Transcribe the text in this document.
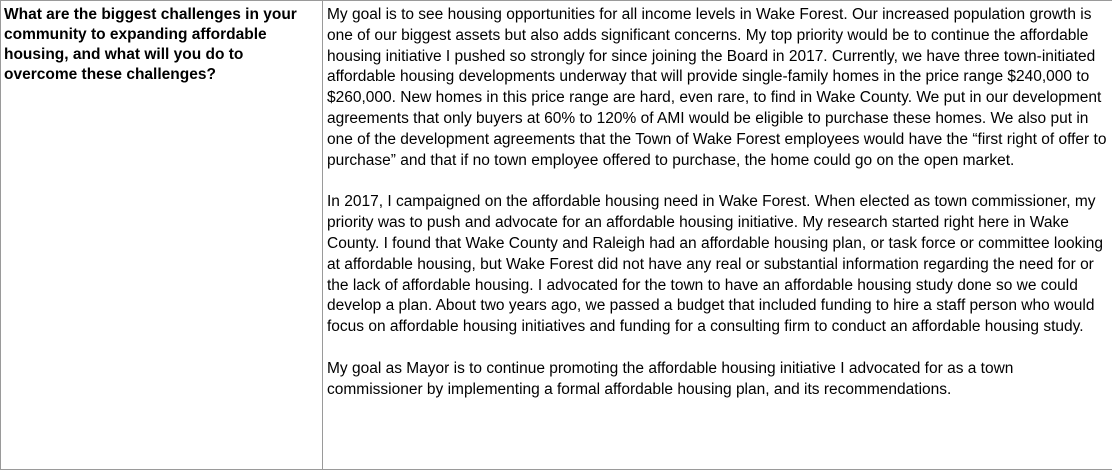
What are the biggest challenges in your community to expanding affordable housing, and what will you do to overcome these challenges?

My goal is to see housing opportunities for all income levels in Wake Forest. Our increased population growth is one of our biggest assets but also adds significant concerns. My top priority would be to continue the affordable housing initiative I pushed so strongly for since joining the Board in 2017. Currently, we have three town-initiated affordable housing developments underway that will provide single-family homes in the price range $240,000 to $260,000. New homes in this price range are hard, even rare, to find in Wake County. We put in our development agreements that only buyers at 60% to 120% of AMI would be eligible to purchase these homes. We also put in one of the development agreements that the Town of Wake Forest employees would have the “first right of offer to purchase” and that if no town employee offered to purchase, the home could go on the open market.

In 2017, I campaigned on the affordable housing need in Wake Forest. When elected as town commissioner, my priority was to push and advocate for an affordable housing initiative. My research started right here in Wake County. I found that Wake County and Raleigh had an affordable housing plan, or task force or committee looking at affordable housing, but Wake Forest did not have any real or substantial information regarding the need for or the lack of affordable housing. I advocated for the town to have an affordable housing study done so we could develop a plan. About two years ago, we passed a budget that included funding to hire a staff person who would focus on affordable housing initiatives and funding for a consulting firm to conduct an affordable housing study.

My goal as Mayor is to continue promoting the affordable housing initiative I advocated for as a town commissioner by implementing a formal affordable housing plan, and its recommendations.
